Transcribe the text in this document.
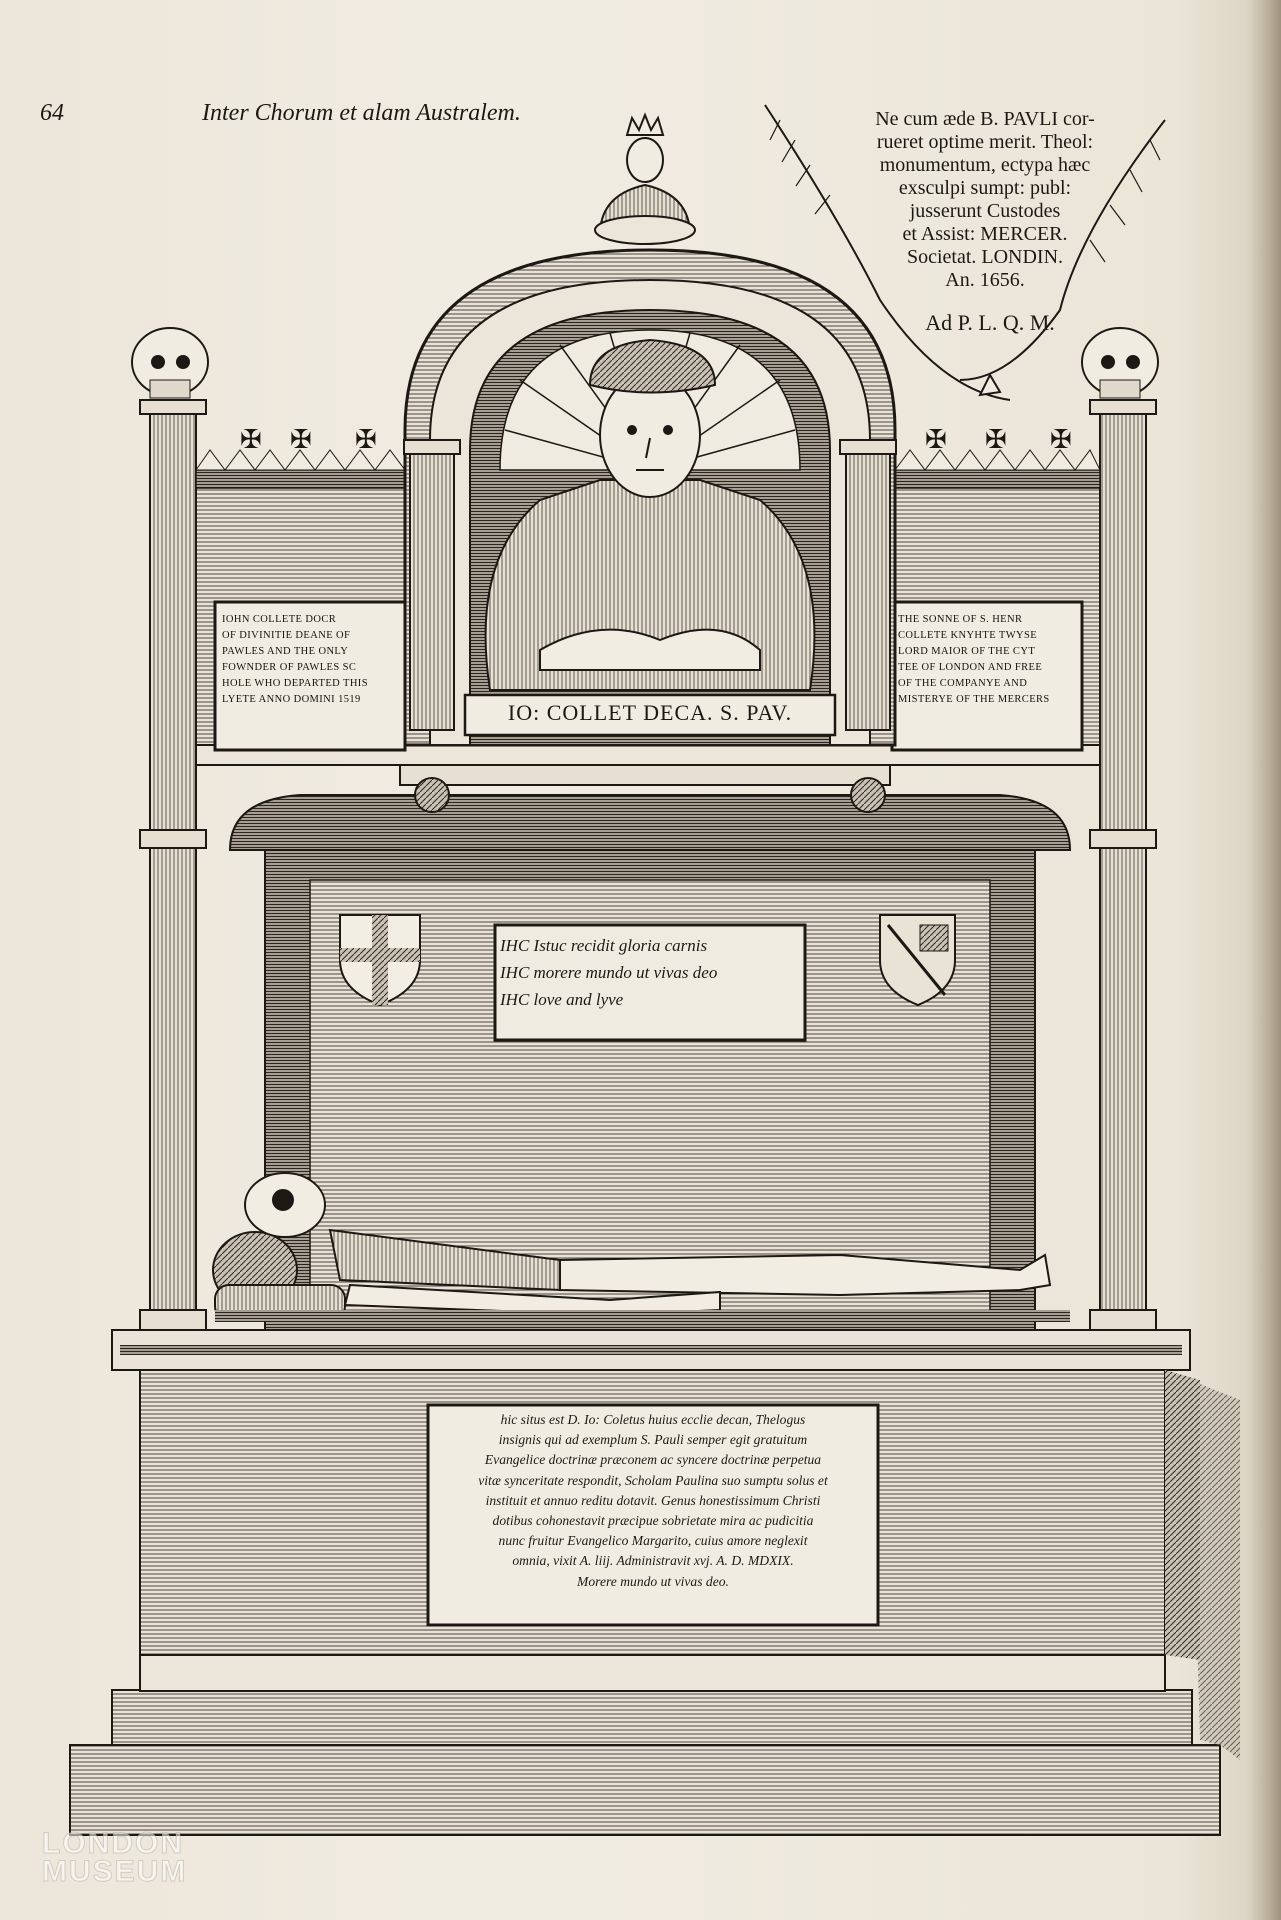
64	Inter Chorum et alam Australem.
✠ ✠ ✠	✠ ✠ ✠
Ne cum æde B. PAVLI cor-
rueret optime merit. Theol:
monumentum, ectypa hæc
exsculpi sumpt: publ:
jusserunt Custodes
et Assist: MERCER.
Societat. LONDIN.
An. 1656.
Ad P. L. Q. M.
IOHN COLLETE DOCR
OF DIVINITIE DEANE OF
PAWLES AND THE ONLY
FOWNDER OF PAWLES SC
HOLE WHO DEPARTED THIS
LYETE ANNO DOMINI 1519
THE SONNE OF S. HENR
COLLETE KNYHTE TWYSE
LORD MAIOR OF THE CYT
TEE OF LONDON AND FREE
OF THE COMPANYE AND
MISTERYE OF THE MERCERS
IO: COLLET DECA. S. PAV.
IHC Istuc recidit gloria carnis
IHC morere mundo ut vivas deo
IHC love and lyve
hic situs est D. Io: Coletus huius ecclie decan, Thelogus
insignis qui ad exemplum S. Pauli semper egit gratuitum
Evangelice doctrinæ præconem ac syncere doctrinæ perpetua
vitæ synceritate respondit, Scholam Paulina suo sumptu solus et
instituit et annuo reditu dotavit. Genus honestissimum Christi
dotibus cohonestavit præcipue sobrietate mira ac pudicitia
nunc fruitur Evangelico Margarito, cuius amore neglexit
omnia, vixit A. liij. Administravit xvj. A. D. MDXIX.
Morere mundo ut vivas deo.
LONDON
MUSEUM
